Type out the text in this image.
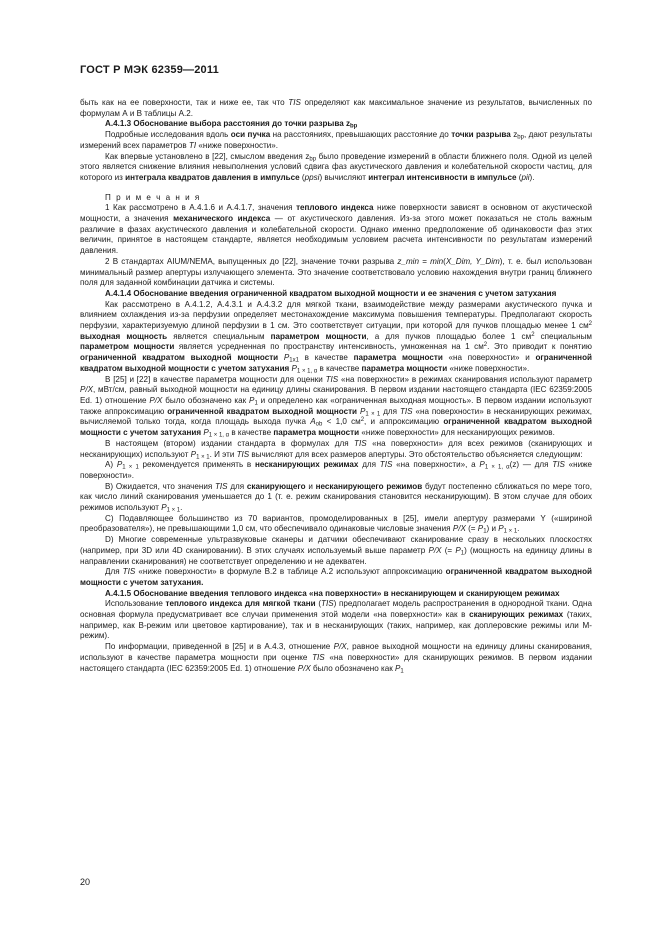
ГОСТ Р МЭК 62359—2011

быть как на ее поверхности, так и ниже ее, так что TIS определяют как максимальное значение из результатов, вычисленных по формулам А и В таблицы А.2.

А.4.1.3 Обоснование выбора расстояния до точки разрыва $z_{bp}$

Подробные исследования вдоль оси пучка на расстояниях, превышающих расстояние до точки разрыва $z_{bp}$, дают результаты измерений всех параметров TI «ниже поверхности».

Как впервые установлено в [22], смыслом введения $z_{bp}$ было проведение измерений в области ближнего поля. Одной из целей этого является снижение влияния невыполнения условий сдвига фаз акустического давления и колебательной скорости частиц, для которого из интеграла квадратов давления в импульсе (ppsi) вычисляют интеграл интенсивности в импульсе (pii).

П р и м е ч а н и я

1 Как рассмотрено в А.4.1.6 и А.4.1.7, значения теплового индекса ниже поверхности зависят в основном от акустической мощности, а значения механического индекса — от акустического давления. Из-за этого может показаться не столь важным различие в фазах акустического давления и колебательной скорости. Однако именно предположение об одинаковости фаз этих величин, принятое в настоящем стандарте, является необходимым условием расчета интенсивности по результатам измерений давления.

2 В стандартах AIUM/NEMA, выпущенных до [22], значение точки разрыва z_min = min(X_Dim, Y_Dim), т. е. был использован минимальный размер апертуры излучающего элемента. Это значение соответствовало условию нахождения внутри границ ближнего поля для заданной комбинации датчика и системы.

А.4.1.4 Обоснование введения ограниченной квадратом выходной мощности и ее значения с учетом затухания

Как рассмотрено в А.4.1.2, А.4.3.1 и А.4.3.2 для мягкой ткани, взаимодействие между размерами акустического пучка и влиянием охлаждения из-за перфузии определяет местонахождение максимума повышения температуры. Предполагают скорость перфузии, характеризуемую длиной перфузии в 1 см. Это соответствует ситуации, при которой для пучков площадью менее 1 $см^2$ выходная мощность является специальным параметром мощности, а для пучков площадью более 1 $см^2$ специальным параметром мощности является усредненная по пространству интенсивность, умноженная на 1 $см^2$. Это приводит к понятию ограниченной квадратом выходной мощности $P_{1x1}$ в качестве параметра мощности «на поверхности» и ограниченной квадратом выходной мощности с учетом затухания $P_{1 \times 1, \alpha}$ в качестве параметра мощности «ниже поверхности».

В [25] и [22] в качестве параметра мощности для оценки TIS «на поверхности» в режимах сканирования используют параметр P/X, мВт/см, равный выходной мощности на единицу длины сканирования. В первом издании настоящего стандарта (IEC 62359:2005 Ed. 1) отношение P/X было обозначено как $P_1$ и определено как «ограниченная выходная мощность». В первом издании используют также аппроксимацию ограниченной квадратом выходной мощности $P_{1 \times 1}$ для TIS «на поверхности» в несканирующих режимах, вычисляемой только тогда, когда площадь выхода пучка $A_{ob} < 1,0$ $см^2$, и аппроксимацию ограниченной квадратом выходной мощности с учетом затухания $P_{1 \times 1, \alpha}$ в качестве параметра мощности «ниже поверхности» для несканирующих режимов.

В настоящем (втором) издании стандарта в формулах для TIS «на поверхности» для всех режимов (сканирующих и несканирующих) используют $P_{1 \times 1}$. И эти TIS вычисляют для всех размеров апертуры. Это обстоятельство объясняется следующим:

А) $P_{1 \times 1}$ рекомендуется применять в несканирующих режимах для TIS «на поверхности», а $P_{1 \times 1, \alpha}(z)$ — для TIS «ниже поверхности».

В) Ожидается, что значения TIS для сканирующего и несканирующего режимов будут постепенно сближаться по мере того, как число линий сканирования уменьшается до 1 (т. е. режим сканирования становится несканирующим). В этом случае для обоих режимов используют $P_{1 \times 1}$.

С) Подавляющее большинство из 70 вариантов, промоделированных в [25], имели апертуру размерами Y («шириной преобразователя»), не превышающими 1,0 см, что обеспечивало одинаковые числовые значения P/X (= $P_1$) и $P_{1 \times 1}$.

D) Многие современные ультразвуковые сканеры и датчики обеспечивают сканирование сразу в нескольких плоскостях (например, при 3D или 4D сканировании). В этих случаях используемый выше параметр P/X (= $P_1$) (мощность на единицу длины в направлении сканирования) не соответствует определению и не адекватен.

Для TIS «ниже поверхности» в формуле В.2 в таблице А.2 используют аппроксимацию ограниченной квадратом выходной мощности с учетом затухания.

А.4.1.5 Обоснование введения теплового индекса «на поверхности» в несканирующем и сканирующем режимах

Использование теплового индекса для мягкой ткани (TIS) предполагает модель распространения в однородной ткани. Одна основная формула предусматривает все случаи применения этой модели «на поверхности» как в сканирующих режимах (таких, например, как В-режим или цветовое картирование), так и в несканирующих (таких, например, как доплеровские режимы или М-режим).

По информации, приведенной в [25] и в А.4.3, отношение P/X, равное выходной мощности на единицу длины сканирования, используют в качестве параметра мощности при оценке TIS «на поверхности» для сканирующих режимов. В первом издании настоящего стандарта (IEC 62359:2005 Ed. 1) отношение P/X было обозначено как $P_1$

20
